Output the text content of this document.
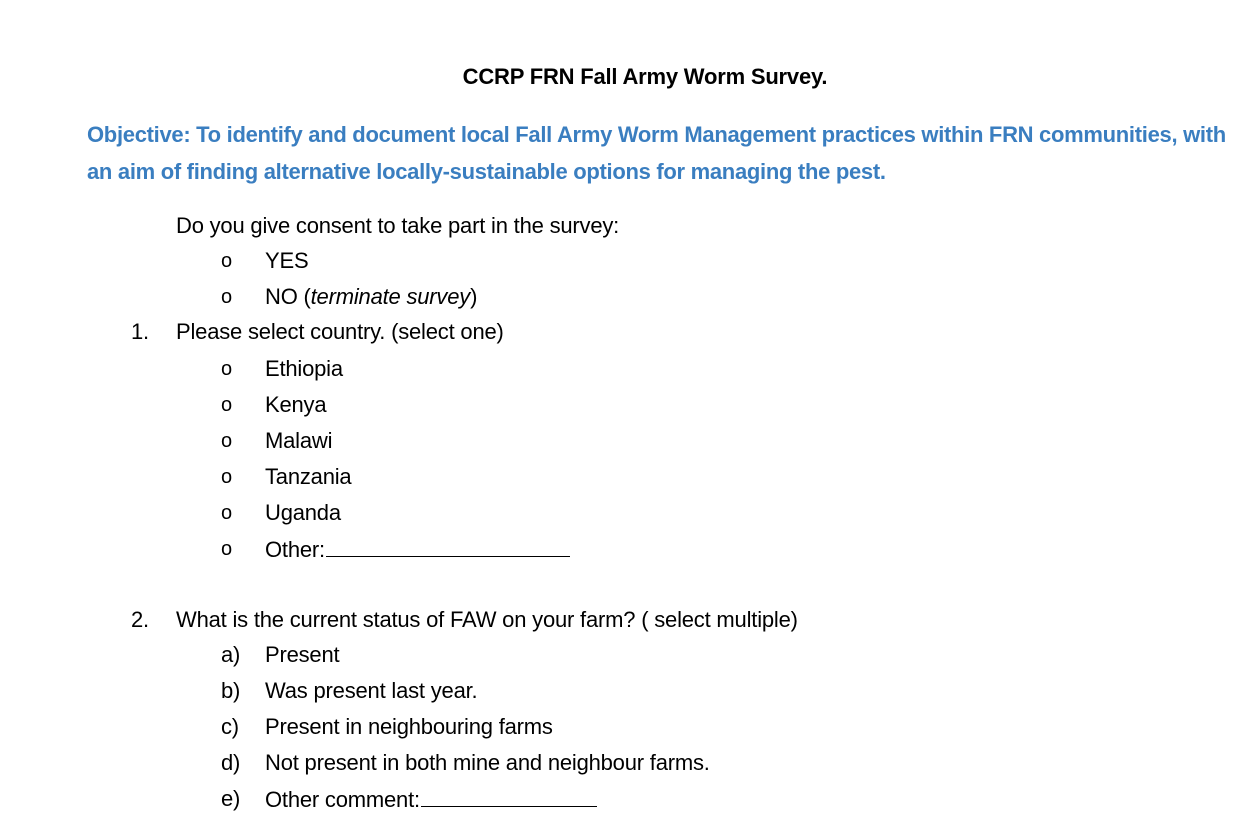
CCRP FRN Fall Army Worm Survey.
Objective: To identify and document local Fall Army Worm Management practices within FRN communities, with an aim of finding alternative locally-sustainable options for managing the pest.
Do you give consent to take part in the survey:
o YES
o NO (terminate survey)
1. Please select country. (select one)
o Ethiopia
o Kenya
o Malawi
o Tanzania
o Uganda
o Other:
2. What is the current status of FAW on your farm? ( select multiple)
a) Present
b) Was present last year.
c) Present in neighbouring farms
d) Not present in both mine and neighbour farms.
e) Other comment:
